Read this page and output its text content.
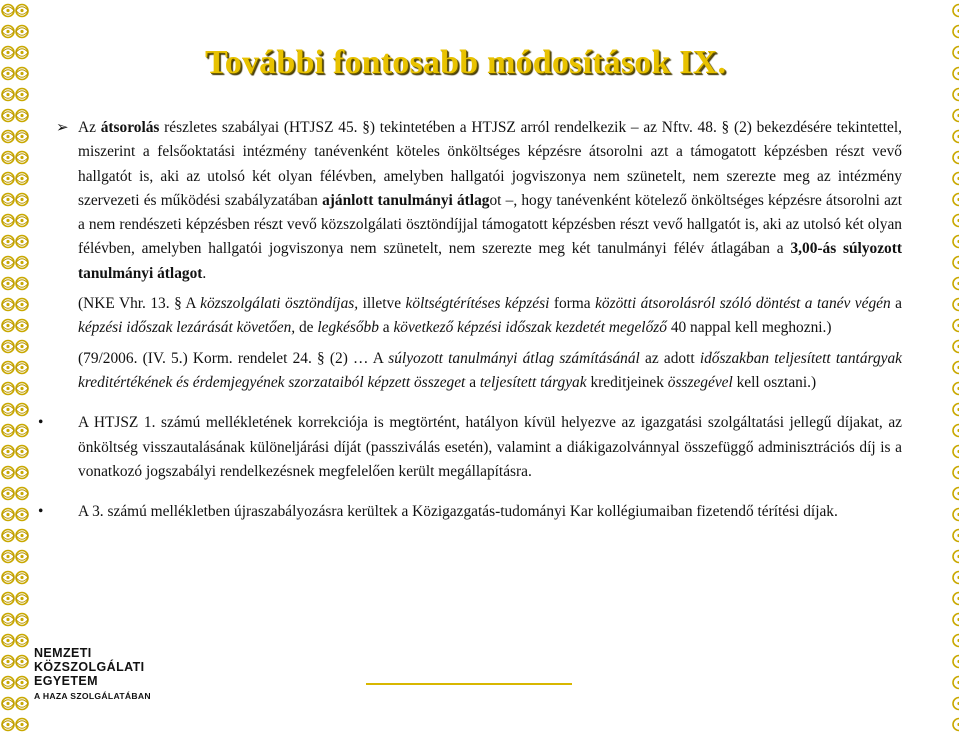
További fontosabb módosítások IX.

➢ Az átsorolás részletes szabályai (HTJSZ 45. §) tekintetében a HTJSZ arról rendelkezik – az Nftv. 48. § (2) bekezdésére tekintettel, miszerint a felsőoktatási intézmény tanévenként köteles önköltséges képzésre átsorolni azt a támogatott képzésben részt vevő hallgatót is, aki az utolsó két olyan félévben, amelyben hallgatói jogviszonya nem szünetelt, nem szerezte meg az intézmény szervezeti és működési szabályzatában ajánlott tanulmányi átlagot –, hogy tanévenként kötelező önköltséges képzésre átsorolni azt a nem rendészeti képzésben részt vevő közszolgálati ösztöndíjjal támogatott képzésben részt vevő hallgatót is, aki az utolsó két olyan félévben, amelyben hallgatói jogviszonya nem szünetelt, nem szerezte meg két tanulmányi félév átlagában a 3,00-ás súlyozott tanulmányi átlagot.

(NKE Vhr. 13. § A közszolgálati ösztöndíjas, illetve költségtérítéses képzési forma közötti átsorolásról szóló döntést a tanév végén a képzési időszak lezárását követően, de legkésőbb a következő képzési időszak kezdetét megelőző 40 nappal kell meghozni.)

(79/2006. (IV. 5.) Korm. rendelet 24. § (2) … A súlyozott tanulmányi átlag számításánál az adott időszakban teljesített tantárgyak kreditértékének és érdemjegyének szorzataiból képzett összeget a teljesített tárgyak kreditjeinek összegével kell osztani.)

• A HTJSZ 1. számú mellékletének korrekciója is megtörtént, hatályon kívül helyezve az igazgatási szolgáltatási jellegű díjakat, az önköltség visszautalásának különeljárási díját (passziválás esetén), valamint a diákigazolvánnyal összefüggő adminisztrációs díj is a vonatkozó jogszabályi rendelkezésnek megfelelően került megállapításra.

• A 3. számú mellékletben újraszabályozásra kerültek a Közigazgatás-tudományi Kar kollégiumaiban fizetendő térítési díjak.

NEMZETI
KÖZSZOLGÁLATI
EGYETEM
A HAZA SZOLGÁLATÁBAN
